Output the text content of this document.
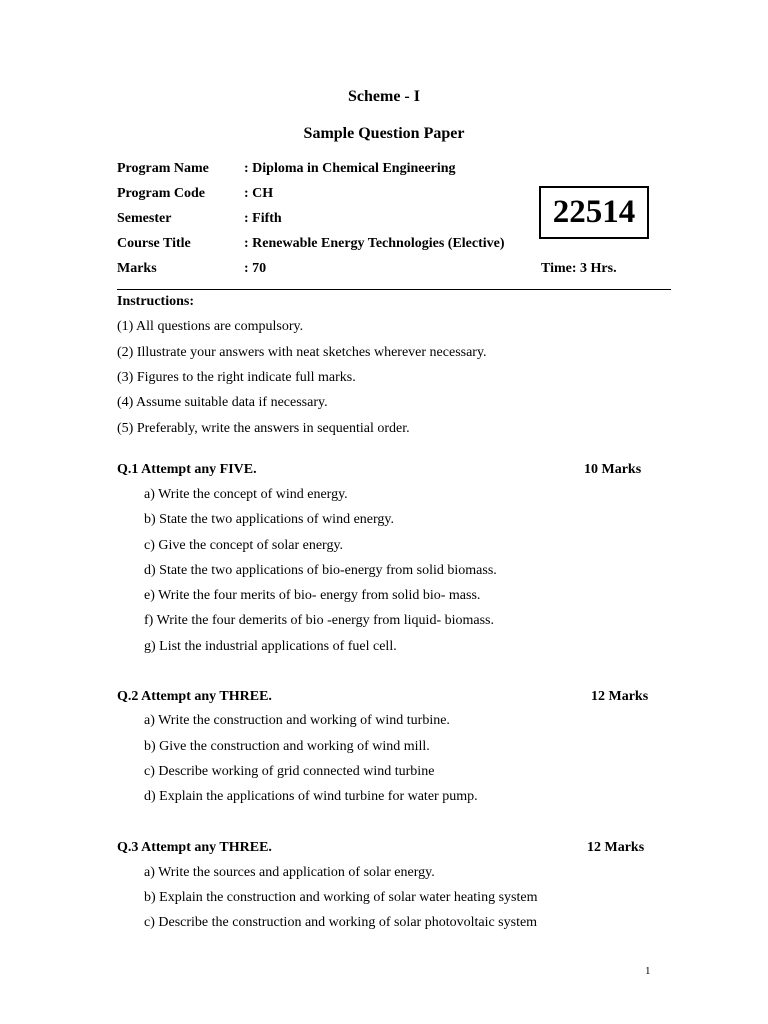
Scheme - I
Sample Question Paper
Program Name	: Diploma in Chemical Engineering
Program Code	: CH
Semester	: Fifth
Course Title	: Renewable Energy Technologies (Elective)
Marks	: 70
22514
Time: 3 Hrs.
Instructions:
(1) All questions are compulsory.
(2) Illustrate your answers with neat sketches wherever necessary.
(3) Figures to the right indicate full marks.
(4) Assume suitable data if necessary.
(5) Preferably, write the answers in sequential order.
Q.1 Attempt any FIVE.	10 Marks
a) Write the concept of wind energy.
b) State the two applications of wind energy.
c) Give the concept of solar energy.
d) State the two applications of bio-energy from solid biomass.
e) Write the four merits of bio- energy from solid bio- mass.
f) Write the four demerits of bio -energy from liquid- biomass.
g) List the industrial applications of fuel cell.
Q.2 Attempt any THREE.	12 Marks
a) Write the construction and working of wind turbine.
b) Give the construction and working of wind mill.
c) Describe working of grid connected wind turbine
d) Explain the applications of wind turbine for water pump.
Q.3 Attempt any THREE.	12 Marks
a) Write the sources and application of solar energy.
b) Explain the construction and working of solar water heating system
c) Describe the construction and working of solar photovoltaic system
1
